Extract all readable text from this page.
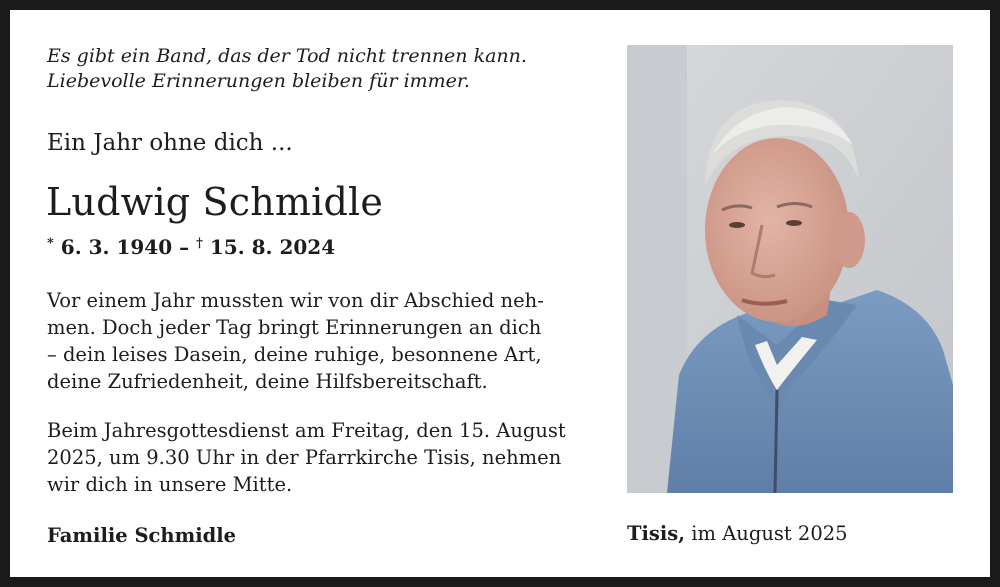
Es gibt ein Band, das der Tod nicht trennen kann.
Liebevolle Erinnerungen bleiben für immer.
Ein Jahr ohne dich ...
Ludwig Schmidle
* 6. 3. 1940 – † 15. 8. 2024
Vor einem Jahr mussten wir von dir Abschied neh-
men. Doch jeder Tag bringt Erinnerungen an dich
– dein leises Dasein, deine ruhige, besonnene Art,
deine Zufriedenheit, deine Hilfsbereitschaft.
Beim Jahresgottesdienst am Freitag, den 15. August
2025, um 9.30 Uhr in der Pfarrkirche Tisis, nehmen
wir dich in unsere Mitte.
Familie Schmidle	Tisis, im August 2025
